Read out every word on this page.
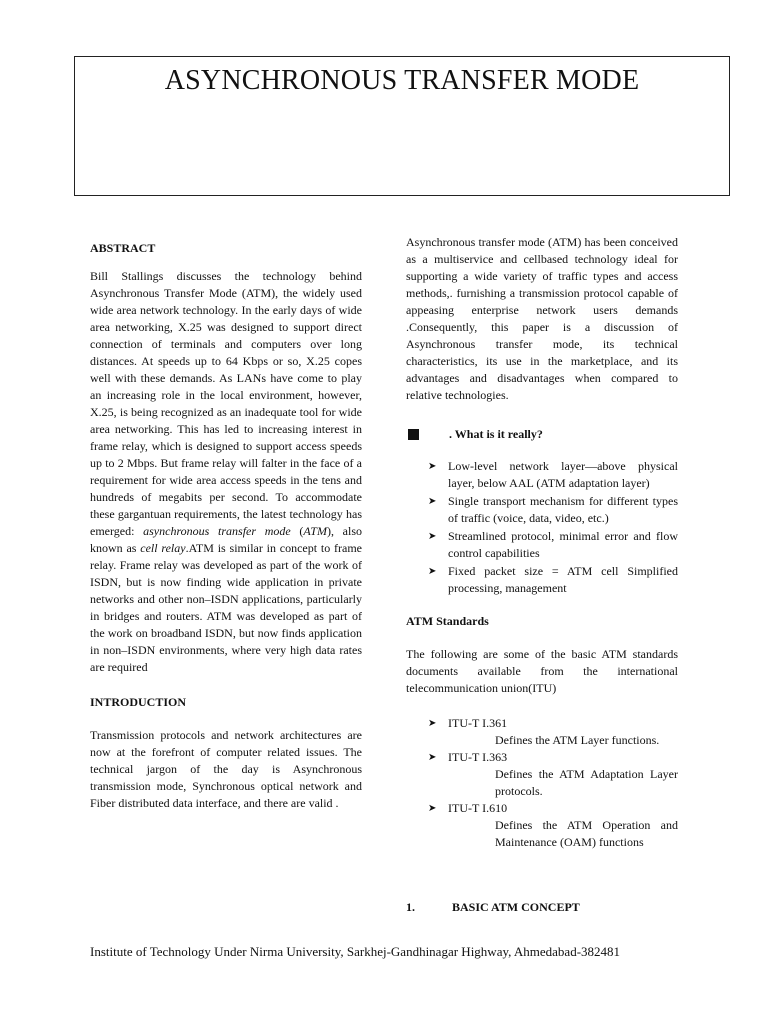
ASYNCHRONOUS TRANSFER MODE

ABSTRACT

Bill Stallings discusses the technology behind Asynchronous Transfer Mode (ATM), the widely used wide area network technology. In the early days of wide area networking, X.25 was designed to support direct connection of terminals and computers over long distances. At speeds up to 64 Kbps or so, X.25 copes well with these demands. As LANs have come to play an increasing role in the local environment, however, X.25, is being recognized as an inadequate tool for wide area networking. This has led to increasing interest in frame relay, which is designed to support access speeds up to 2 Mbps. But frame relay will falter in the face of a requirement for wide area access speeds in the tens and hundreds of megabits per second. To accommodate these gargantuan requirements, the latest technology has emerged: asynchronous transfer mode (ATM), also known as cell relay.ATM is similar in concept to frame relay. Frame relay was developed as part of the work of ISDN, but is now finding wide application in private networks and other non–ISDN applications, particularly in bridges and routers. ATM was developed as part of the work on broadband ISDN, but now finds application in non–ISDN environments, where very high data rates are required

INTRODUCTION

Transmission protocols and network architectures are now at the forefront of computer related issues. The technical jargon of the day is Asynchronous transmission mode, Synchronous optical network and Fiber distributed data interface, and there are valid .

Asynchronous transfer mode (ATM) has been conceived as a multiservice and cellbased technology ideal for supporting a wide variety of traffic types and access methods,. furnishing a transmission protocol capable of appeasing enterprise network users demands .Consequently, this paper is a discussion of Asynchronous transfer mode, its technical characteristics, its use in the marketplace, and its advantages and disadvantages when compared to relative technologies.

. What is it really?
➤ Low-level network layer—above physical layer, below AAL (ATM adaptation layer)
➤ Single transport mechanism for different types of traffic (voice, data, video, etc.)
➤ Streamlined protocol, minimal error and flow control capabilities
➤ Fixed packet size = ATM cell Simplified processing, management

ATM Standards

The following are some of the basic ATM standards documents available from the international telecommunication union(ITU)

➤ ITU-T I.361
Defines the ATM Layer functions.
➤ ITU-T I.363
Defines the ATM Adaptation Layer protocols.
➤ ITU-T I.610
Defines the ATM Operation and Maintenance (OAM) functions
1.	BASIC ATM CONCEPT
Institute of Technology Under Nirma University, Sarkhej-Gandhinagar Highway, Ahmedabad-382481
